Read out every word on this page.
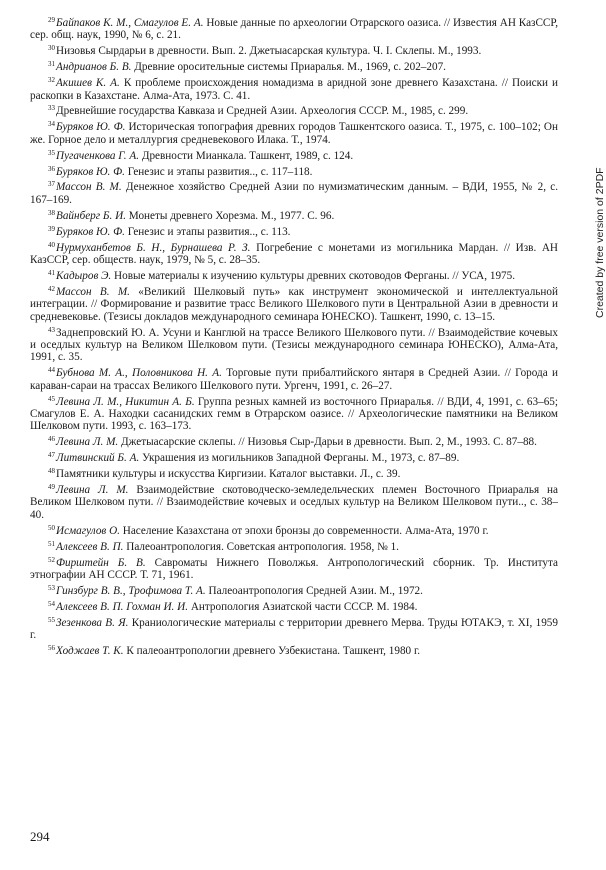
$^{29}$Байпаков К. М., Смагулов Е. А. Новые данные по археологии Отрарского оазиса. // Известия АН КазССР, сер. общ. наук, 1990, № 6, с. 21.

$^{30}$Низовья Сырдарьи в древности. Вып. 2. Джетыасарская культура. Ч. I. Склепы. М., 1993.

$^{31}$Андрианов Б. В. Древние оросительные системы Приаралья. М., 1969, с. 202–207.

$^{32}$Акишев К. А. К проблеме происхождения номадизма в аридной зоне древнего Казахстана. // Поиски и раскопки в Казахстане. Алма-Ата, 1973. С. 41.

$^{33}$Древнейшие государства Кавказа и Средней Азии. Археология СССР. М., 1985, с. 299.

$^{34}$Буряков Ю. Ф. Историческая топография древних городов Ташкентского оазиса. Т., 1975, с. 100–102; Он же. Горное дело и металлургия средневекового Илака. Т., 1974.

$^{35}$Пугаченкова Г. А. Древности Мианкала. Ташкент, 1989, с. 124.

$^{36}$Буряков Ю. Ф. Генезис и этапы развития.., с. 117–118.

$^{37}$Массон В. М. Денежное хозяйство Средней Азии по нумизматическим данным. – ВДИ, 1955, № 2, с. 167–169.

$^{38}$Вайнберг Б. И. Монеты древнего Хорезма. М., 1977. С. 96.

$^{39}$Буряков Ю. Ф. Генезис и этапы развития.., с. 113.

$^{40}$Нурмуханбетов Б. Н., Бурнашева Р. З. Погребение с монетами из могильника Мардан. // Изв. АН КазССР, сер. обществ. наук, 1979, № 5, с. 28–35.

$^{41}$Кадыров Э. Новые материалы к изучению культуры древних скотоводов Ферганы. // УСА, 1975.

$^{42}$Массон В. М. «Великий Шелковый путь» как инструмент экономической и интеллектуальной интеграции. // Формирование и развитие трасс Великого Шелкового пути в Центральной Азии в древности и средневековье. (Тезисы докладов международного семинара ЮНЕСКО). Ташкент, 1990, с. 13–15.

$^{43}$Заднепровский Ю. А. Усуни и Канглюй на трассе Великого Шелкового пути. // Взаимодействие кочевых и оседлых культур на Великом Шелковом пути. (Тезисы международного семинара ЮНЕСКО), Алма-Ата, 1991, с. 35.

$^{44}$Бубнова М. А., Половникова Н. А. Торговые пути прибалтийского янтаря в Средней Азии. // Города и караван-сараи на трассах Великого Шелкового пути. Ургенч, 1991, с. 26–27.

$^{45}$Левина Л. М., Никитин А. Б. Группа резных камней из восточного Приаралья. // ВДИ, 4, 1991, с. 63–65; Смагулов Е. А. Находки сасанидских гемм в Отрарском оазисе. // Археологические памятники на Великом Шелковом пути. 1993, с. 163–173.

$^{46}$Левина Л. М. Джетыасарские склепы. // Низовья Сыр-Дарьи в древности. Вып. 2, М., 1993. С. 87–88.

$^{47}$Литвинский Б. А. Украшения из могильников Западной Ферганы. М., 1973, с. 87–89.

$^{48}$Памятники культуры и искусства Киргизии. Каталог выставки. Л., с. 39.

$^{49}$Левина Л. М. Взаимодействие скотоводческо-земледельческих племен Восточного Приаралья на Великом Шелковом пути. // Взаимодействие кочевых и оседлых культур на Великом Шелковом пути.., с. 38–40.

$^{50}$Исмагулов О. Население Казахстана от эпохи бронзы до современности. Алма-Ата, 1970 г.

$^{51}$Алексеев В. П. Палеоантропология. Советская антропология. 1958, № 1.

$^{52}$Фирштейн Б. В. Савроматы Нижнего Поволжья. Антропологический сборник. Тр. Института этнографии АН СССР. Т. 71, 1961.

$^{53}$Гинзбург В. В., Трофимова Т. А. Палеоантропология Средней Азии. М., 1972.

$^{54}$Алексеев В. П. Гохман И. И. Антропология Азиатской части СССР. М. 1984.

$^{55}$Зезенкова В. Я. Краниологические материалы с территории древнего Мерва. Труды ЮТАКЭ, т. XI, 1959 г.

$^{56}$Ходжаев Т. К. К палеоантропологии древнего Узбекистана. Ташкент, 1980 г.

Created by free version of 2PDF
294
